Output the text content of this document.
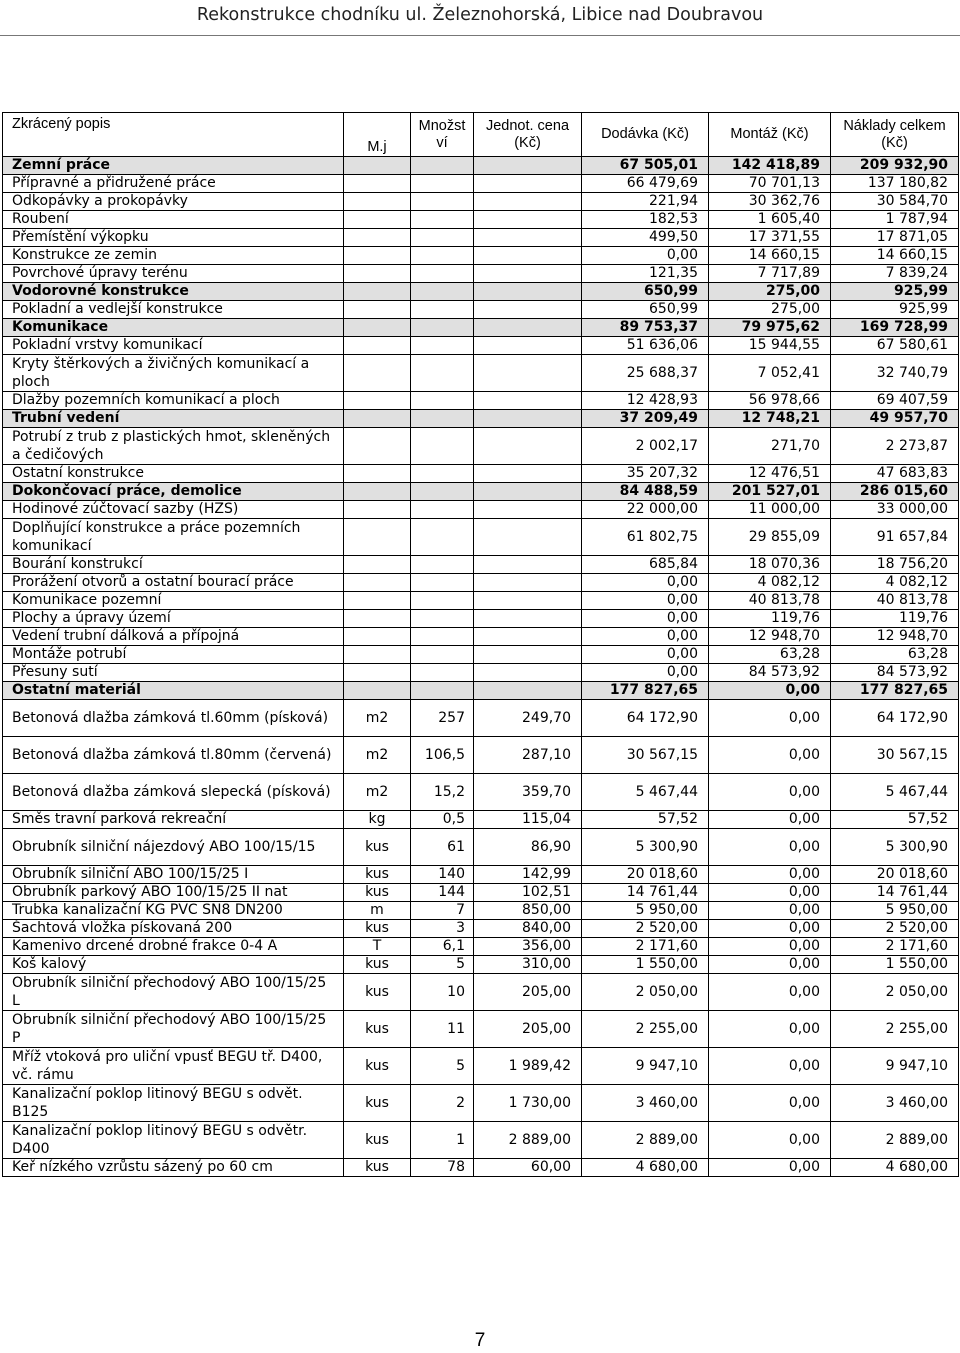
Rekonstrukce chodníku ul. Železnohorská, Libice nad Doubravou
Zkrácený popis	M.j	Množst ví	Jednot. cena (Kč)	Dodávka (Kč)	Montáž (Kč)	Náklady celkem (Kč)
Zemní práce				67 505,01	142 418,89	209 932,90
Přípravné a přidružené práce				66 479,69	70 701,13	137 180,82
Odkopávky a prokopávky				221,94	30 362,76	30 584,70
Roubení				182,53	1 605,40	1 787,94
Přemístění výkopku				499,50	17 371,55	17 871,05
Konstrukce ze zemin				0,00	14 660,15	14 660,15
Povrchové úpravy terénu				121,35	7 717,89	7 839,24
Vodorovné konstrukce				650,99	275,00	925,99
Pokladní a vedlejší konstrukce				650,99	275,00	925,99
Komunikace				89 753,37	79 975,62	169 728,99
Pokladní vrstvy komunikací				51 636,06	15 944,55	67 580,61
Kryty štěrkových a živičných komunikací a ploch				25 688,37	7 052,41	32 740,79
Dlažby pozemních komunikací a ploch				12 428,93	56 978,66	69 407,59
Trubní vedení				37 209,49	12 748,21	49 957,70
Potrubí z trub z plastických hmot, skleněných a čedičových				2 002,17	271,70	2 273,87
Ostatní konstrukce				35 207,32	12 476,51	47 683,83
Dokončovací práce, demolice				84 488,59	201 527,01	286 015,60
Hodinové zúčtovací sazby (HZS)				22 000,00	11 000,00	33 000,00
Doplňující konstrukce a práce pozemních komunikací				61 802,75	29 855,09	91 657,84
Bourání konstrukcí				685,84	18 070,36	18 756,20
Prorážení otvorů a ostatní bourací práce				0,00	4 082,12	4 082,12
Komunikace pozemní				0,00	40 813,78	40 813,78
Plochy a úpravy území				0,00	119,76	119,76
Vedení trubní dálková a přípojná				0,00	12 948,70	12 948,70
Montáže potrubí				0,00	63,28	63,28
Přesuny sutí				0,00	84 573,92	84 573,92
Ostatní materiál				177 827,65	0,00	177 827,65
Betonová dlažba zámková tl.60mm (písková)	m2	257	249,70	64 172,90	0,00	64 172,90
Betonová dlažba zámková tl.80mm (červená)	m2	106,5	287,10	30 567,15	0,00	30 567,15
Betonová dlažba zámková slepecká (písková)	m2	15,2	359,70	5 467,44	0,00	5 467,44
Směs travní parková rekreační	kg	0,5	115,04	57,52	0,00	57,52
Obrubník silniční nájezdový ABO 100/15/15	kus	61	86,90	5 300,90	0,00	5 300,90
Obrubník silniční ABO 100/15/25 I	kus	140	142,99	20 018,60	0,00	20 018,60
Obrubník parkový ABO 100/15/25 II nat	kus	144	102,51	14 761,44	0,00	14 761,44
Trubka kanalizační KG PVC SN8 DN200	m	7	850,00	5 950,00	0,00	5 950,00
Šachtová vložka pískovaná 200	kus	3	840,00	2 520,00	0,00	2 520,00
Kamenivo drcené drobné frakce 0-4 A	T	6,1	356,00	2 171,60	0,00	2 171,60
Koš kalový	kus	5	310,00	1 550,00	0,00	1 550,00
Obrubník silniční přechodový ABO 100/15/25 L	kus	10	205,00	2 050,00	0,00	2 050,00
Obrubník silniční přechodový ABO 100/15/25 P	kus	11	205,00	2 255,00	0,00	2 255,00
Mříž vtoková pro uliční vpusť BEGU tř. D400, vč. rámu	kus	5	1 989,42	9 947,10	0,00	9 947,10
Kanalizační poklop litinový BEGU s odvět. B125	kus	2	1 730,00	3 460,00	0,00	3 460,00
Kanalizační poklop litinový BEGU s odvětr. D400	kus	1	2 889,00	2 889,00	0,00	2 889,00
Keř nízkého vzrůstu sázený po 60 cm	kus	78	60,00	4 680,00	0,00	4 680,00
7
